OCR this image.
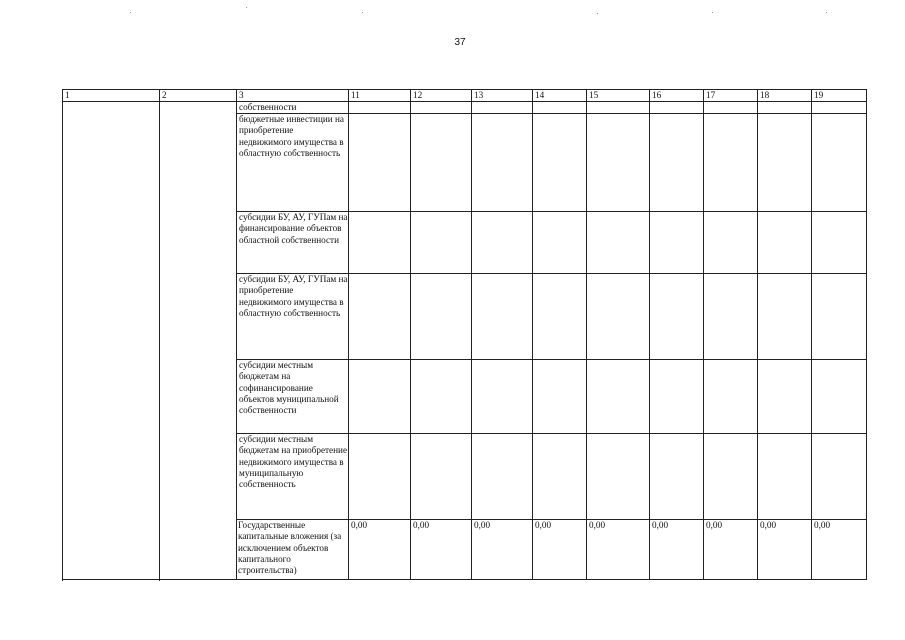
37
1	2	3	11	12	13	14	15	16	17	18	19
		собственности									
		бюджетные инвестиции на приобретение недвижимого имущества в областную собственность									
		субсидии БУ, АУ, ГУПам на финансирование объектов областной собственности									
		субсидии БУ, АУ, ГУПам на приобретение недвижимого имущества в областную собственность									
		субсидии местным бюджетам на софинансирование объектов муниципальной собственности									
		субсидии местным бюджетам на приобретение недвижимого имущества в муниципальную собственность									
		Государственные капитальные вложения (за исключением объектов капитального строительства)	0,00	0,00	0,00	0,00	0,00	0,00	0,00	0,00	0,00
